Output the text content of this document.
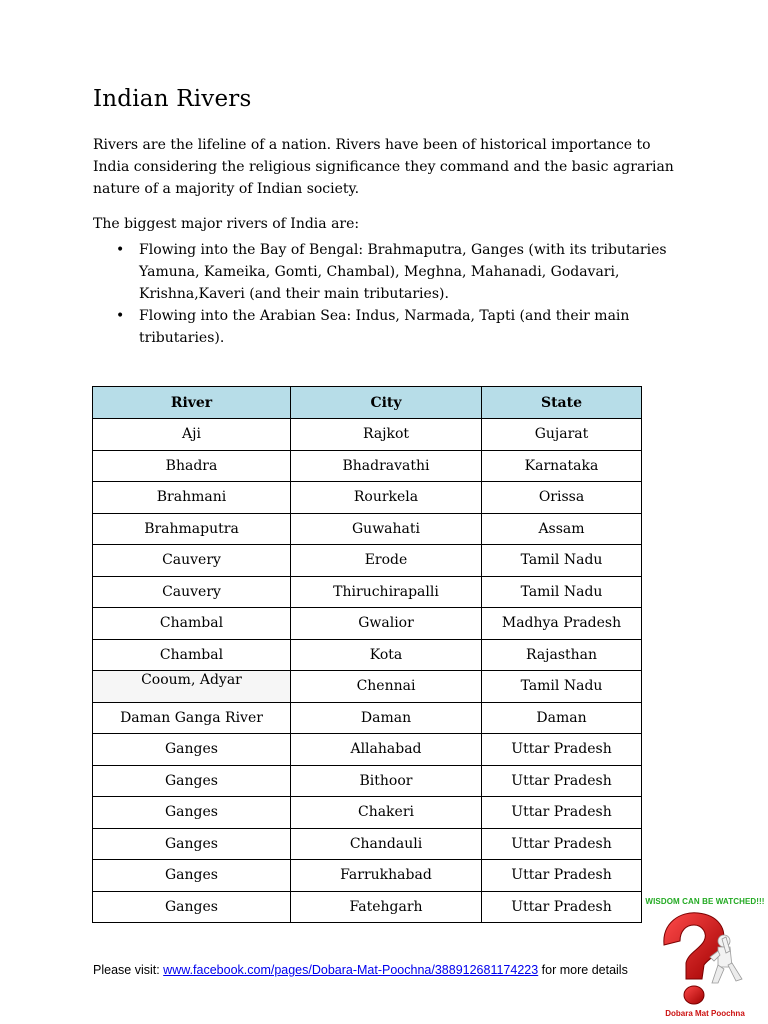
Indian Rivers

Rivers are the lifeline of a nation. Rivers have been of historical importance to India considering the religious significance they command and the basic agrarian nature of a majority of Indian society.

The biggest major rivers of India are:

• Flowing into the Bay of Bengal: Brahmaputra, Ganges (with its tributaries Yamuna, Kameika, Gomti, Chambal), Meghna, Mahanadi, Godavari, Krishna,Kaveri (and their main tributaries).
• Flowing into the Arabian Sea: Indus, Narmada, Tapti (and their main tributaries).
River	City	State
Aji	Rajkot	Gujarat
Bhadra	Bhadravathi	Karnataka
Brahmani	Rourkela	Orissa
Brahmaputra	Guwahati	Assam
Cauvery	Erode	Tamil Nadu
Cauvery	Thiruchirapalli	Tamil Nadu
Chambal	Gwalior	Madhya Pradesh
Chambal	Kota	Rajasthan
Cooum, Adyar	Chennai	Tamil Nadu
Daman Ganga River	Daman	Daman
Ganges	Allahabad	Uttar Pradesh
Ganges	Bithoor	Uttar Pradesh
Ganges	Chakeri	Uttar Pradesh
Ganges	Chandauli	Uttar Pradesh
Ganges	Farrukhabad	Uttar Pradesh
Ganges	Fatehgarh	Uttar Pradesh
Please visit: www.facebook.com/pages/Dobara-Mat-Poochna/388912681174223 for more details
WISDOM CAN BE WATCHED!!!
Dobara Mat Poochna
